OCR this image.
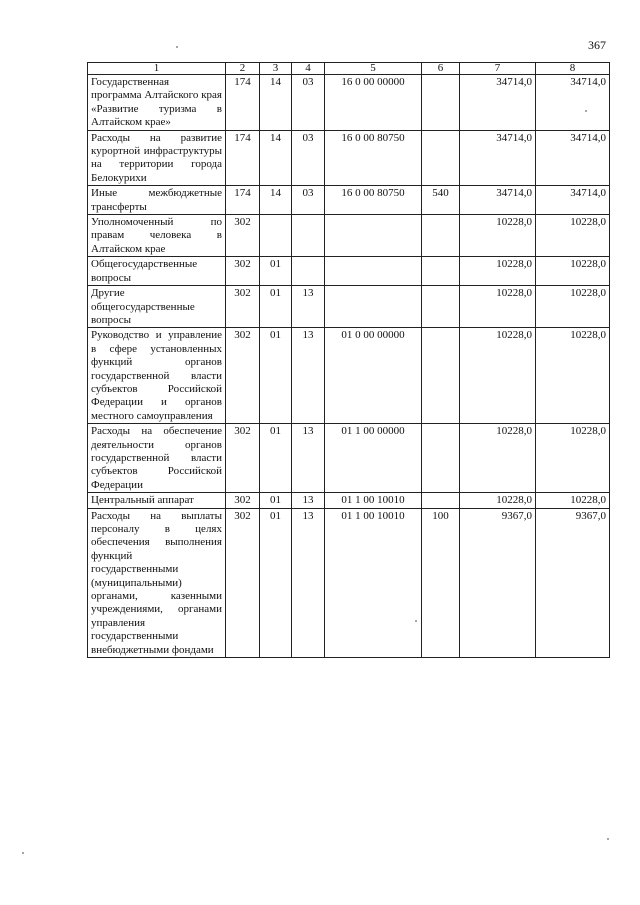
367
1	2	3	4	5	6	7	8
Государственная программа Алтайского края «Развитие туризма в Алтайском крае»	174	14	03	16 0 00 00000		34714,0	34714,0
Расходы на развитие курортной инфраструктуры на территории города Белокурихи	174	14	03	16 0 00 80750		34714,0	34714,0
Иные межбюджетные трансферты	174	14	03	16 0 00 80750	540	34714,0	34714,0
Уполномоченный по правам человека в Алтайском крае	302					10228,0	10228,0
Общегосударственные вопросы	302	01				10228,0	10228,0
Другие общегосударственные вопросы	302	01	13			10228,0	10228,0
Руководство и управление в сфере установленных функций органов государственной власти субъектов Российской Федерации и органов местного самоуправления	302	01	13	01 0 00 00000		10228,0	10228,0
Расходы на обеспечение деятельности органов государственной власти субъектов Российской Федерации	302	01	13	01 1 00 00000		10228,0	10228,0
Центральный аппарат	302	01	13	01 1 00 10010		10228,0	10228,0
Расходы на выплаты персоналу в целях обеспечения выполнения функций государственными (муниципальными) органами, казенными учреждениями, органами управления государственными внебюджетными фондами	302	01	13	01 1 00 10010	100	9367,0	9367,0
